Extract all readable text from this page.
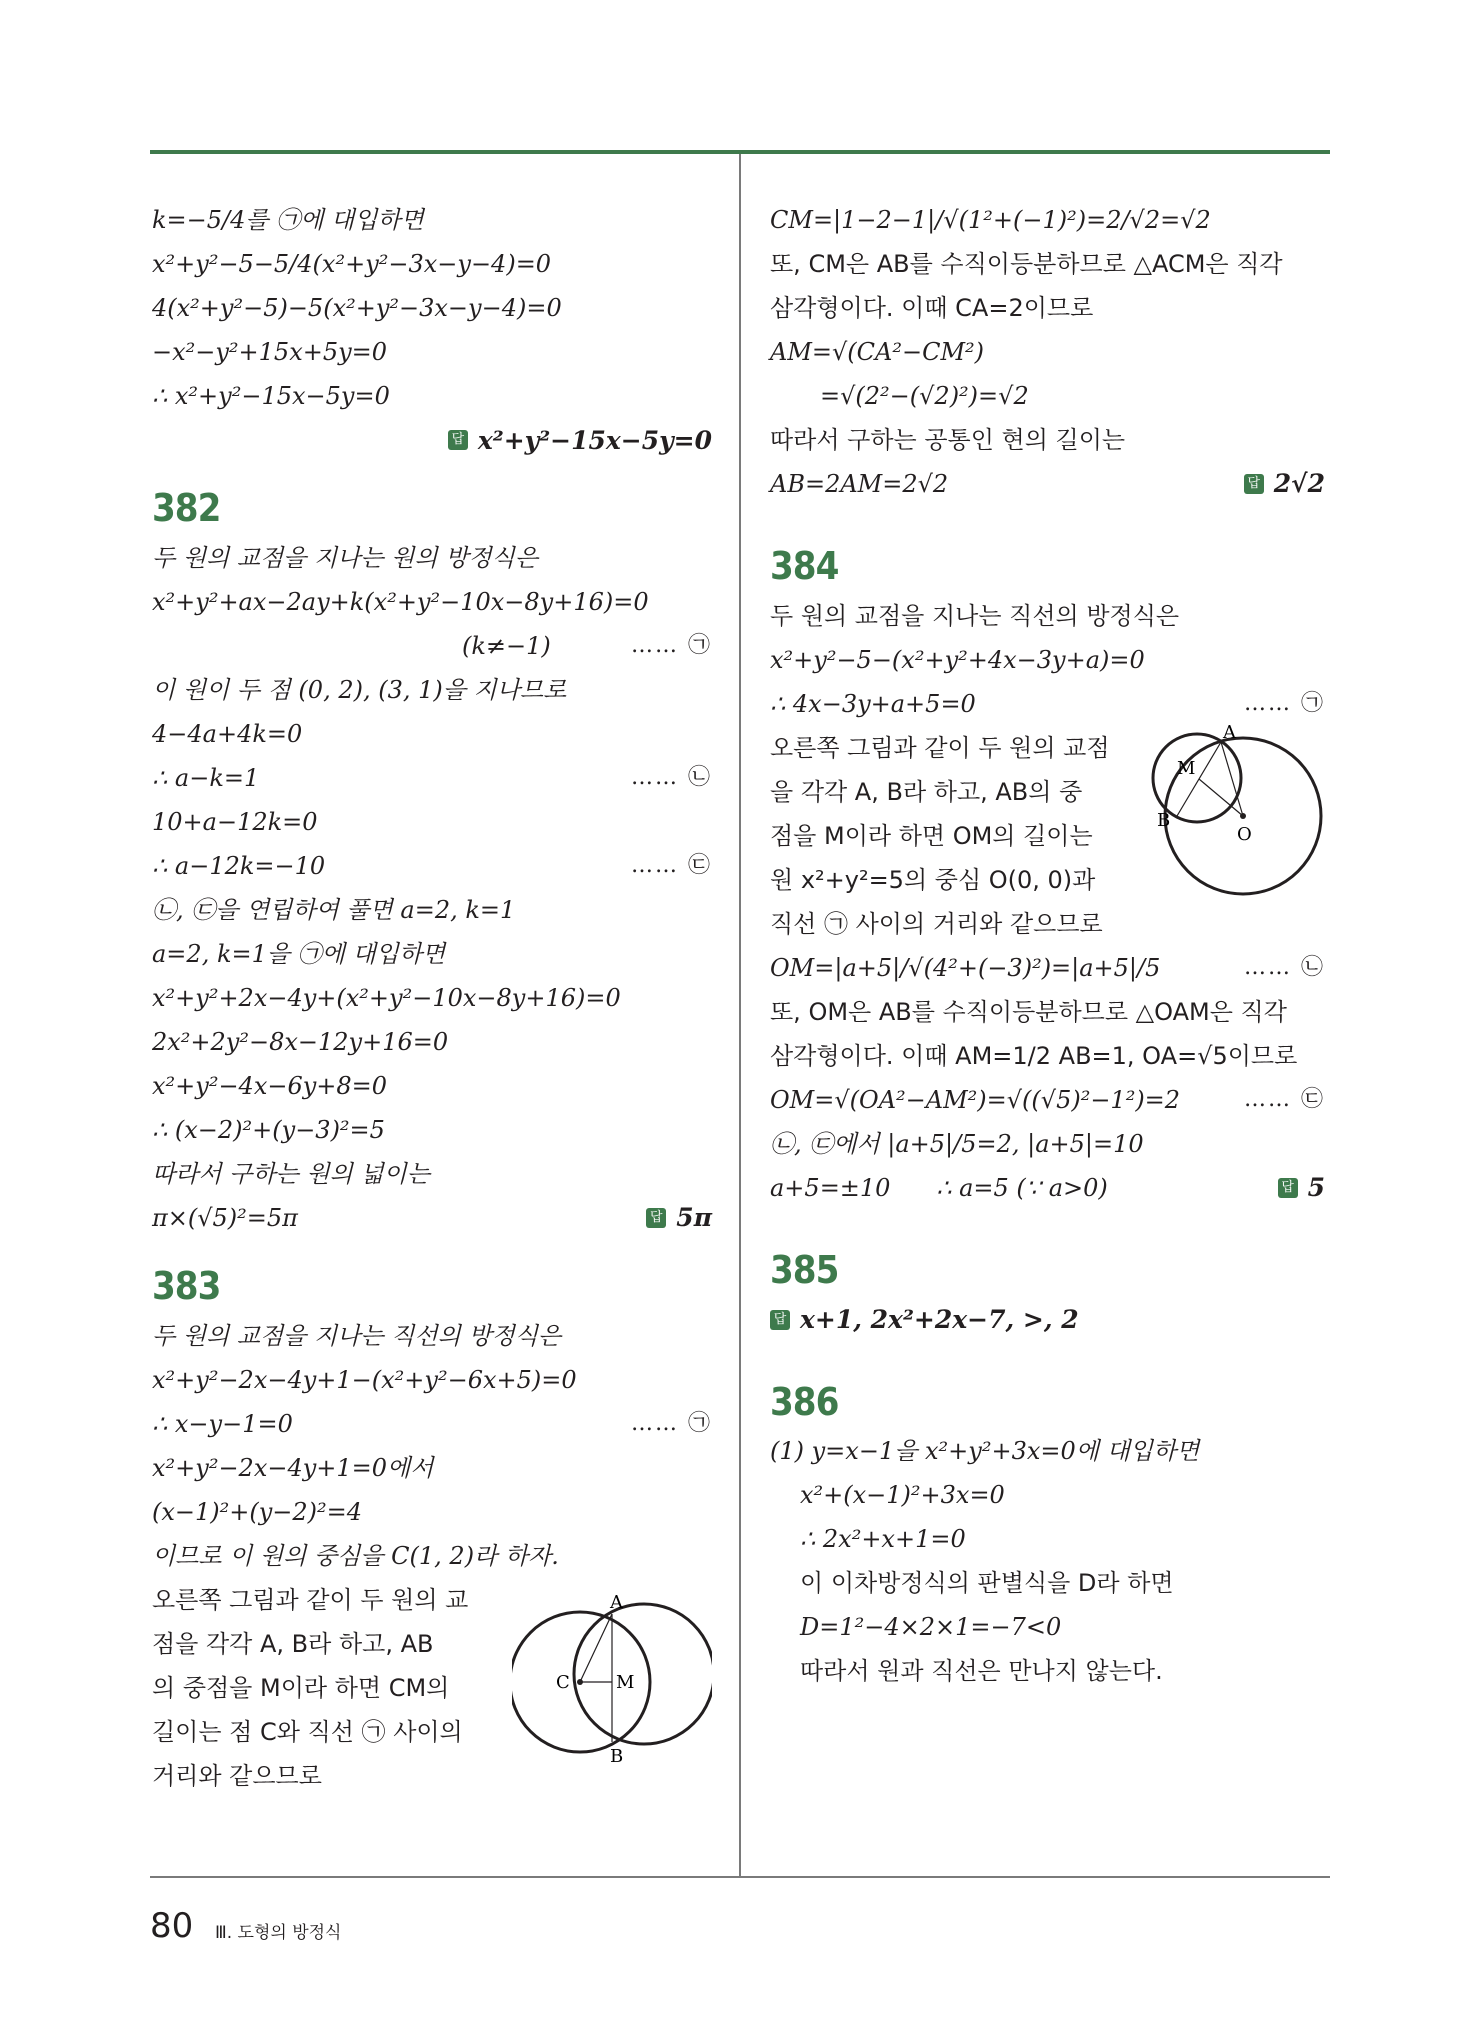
k=−5/4를 ㉠에 대입하면
x²+y²−5−5/4(x²+y²−3x−y−4)=0
4(x²+y²−5)−5(x²+y²−3x−y−4)=0
−x²−y²+15x+5y=0
∴ x²+y²−15x−5y=0
답 x²+y²−15x−5y=0
382
두 원의 교점을 지나는 원의 방정식은
x²+y²+ax−2ay+k(x²+y²−10x−8y+16)=0
(k≠−1)	…… ㉠
이 원이 두 점 (0, 2), (3, 1)을 지나므로
4−4a+4k=0
∴ a−k=1	…… ㉡
10+a−12k=0
∴ a−12k=−10	…… ㉢
㉡, ㉢을 연립하여 풀면 a=2, k=1
a=2, k=1을 ㉠에 대입하면
x²+y²+2x−4y+(x²+y²−10x−8y+16)=0
2x²+2y²−8x−12y+16=0
x²+y²−4x−6y+8=0
∴ (x−2)²+(y−3)²=5
따라서 구하는 원의 넓이는
π×(√5)²=5π	답 5π
383
두 원의 교점을 지나는 직선의 방정식은
x²+y²−2x−4y+1−(x²+y²−6x+5)=0
∴ x−y−1=0	…… ㉠
x²+y²−2x−4y+1=0에서
(x−1)²+(y−2)²=4
이므로 이 원의 중심을 C(1, 2)라 하자.
오른쪽 그림과 같이 두 원의 교
점을 각각 A, B라 하고, AB
의 중점을 M이라 하면 CM의
길이는 점 C와 직선 ㉠ 사이의
거리와 같으므로
A
B
C	M
CM=|1−2−1|/√(1²+(−1)²)=2/√2=√2
또, CM은 AB를 수직이등분하므로 △ACM은 직각
삼각형이다. 이때 CA=2이므로
AM=√(CA²−CM²)
=√(2²−(√2)²)=√2
따라서 구하는 공통인 현의 길이는
AB=2AM=2√2	답 2√2
384
두 원의 교점을 지나는 직선의 방정식은
x²+y²−5−(x²+y²+4x−3y+a)=0
∴ 4x−3y+a+5=0	…… ㉠
오른쪽 그림과 같이 두 원의 교점
을 각각 A, B라 하고, AB의 중
점을 M이라 하면 OM의 길이는
원 x²+y²=5의 중심 O(0, 0)과
직선 ㉠ 사이의 거리와 같으므로
A
B
M
O
OM=|a+5|/√(4²+(−3)²)=|a+5|/5	…… ㉡
또, OM은 AB를 수직이등분하므로 △OAM은 직각
삼각형이다. 이때 AM=1/2 AB=1, OA=√5이므로
OM=√(OA²−AM²)=√((√5)²−1²)=2	…… ㉢
㉡, ㉢에서 |a+5|/5=2, |a+5|=10
a+5=±10      ∴ a=5 (∵ a>0)	답 5
385
답 x+1, 2x²+2x−7, >, 2
386
(1) y=x−1을 x²+y²+3x=0에 대입하면
x²+(x−1)²+3x=0
∴ 2x²+x+1=0
이 이차방정식의 판별식을 D라 하면
D=1²−4×2×1=−7<0
따라서 원과 직선은 만나지 않는다.
80 Ⅲ. 도형의 방정식
